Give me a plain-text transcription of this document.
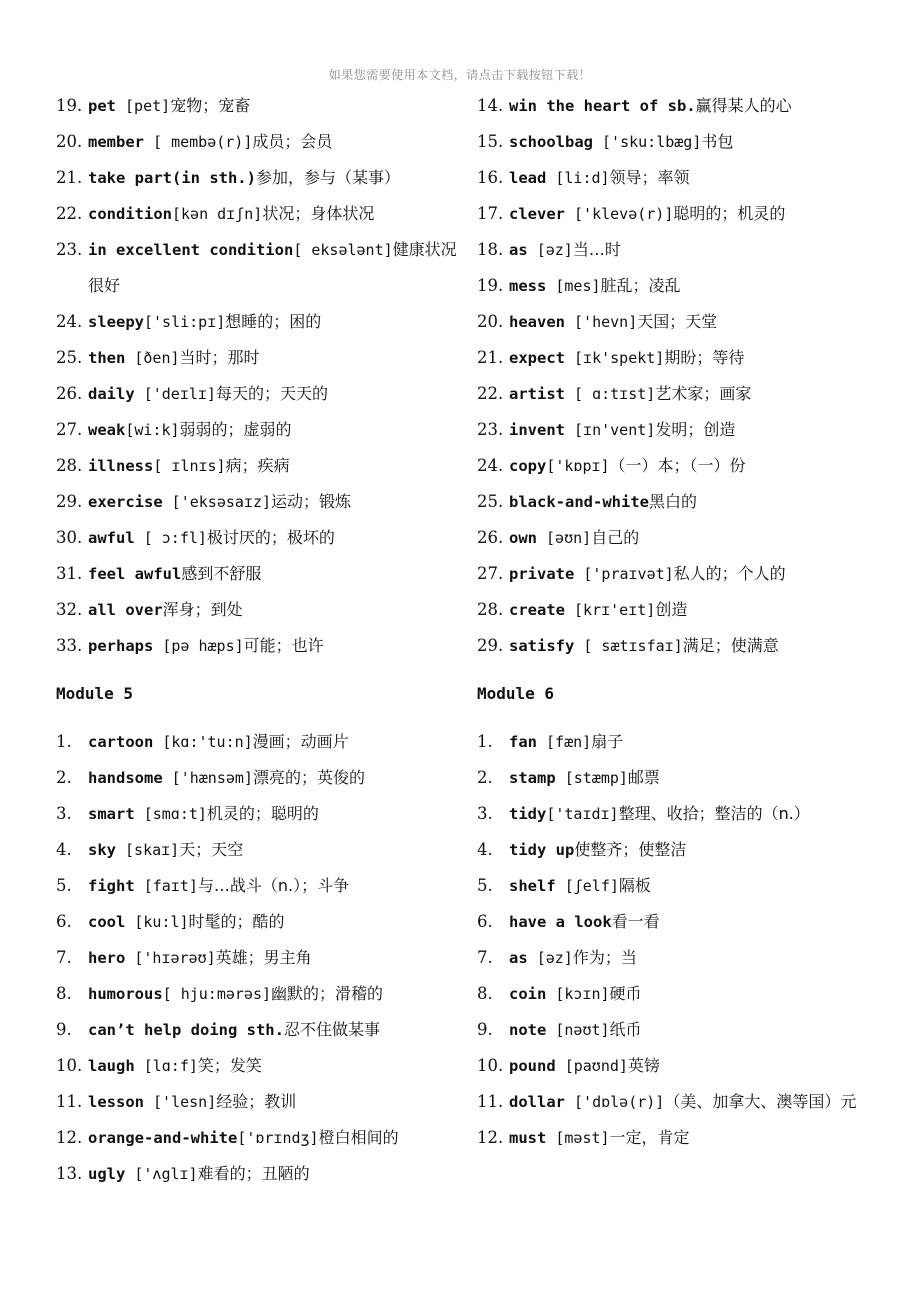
如果您需要使用本文档，请点击下载按钮下载！
19. pet [pet]宠物；宠畜
20. member [ membə(r)]成员；会员
21. take part(in sth.)参加，参与（某事）
22. condition[kən dɪʃn]状况；身体状况
23. in excellent condition[ eksələnt]健康状况很好
24. sleepy['sli:pɪ]想睡的；困的
25. then [ðen]当时；那时
26. daily ['deɪlɪ]每天的；天天的
27. weak[wi:k]弱弱的；虚弱的
28. illness[ ɪlnɪs]病；疾病
29. exercise ['eksəsaɪz]运动；锻炼
30. awful [ ɔ:fl]极讨厌的；极坏的
31. feel awful感到不舒服
32. all over浑身；到处
33. perhaps [pə hæps]可能；也许
14. win the heart of sb.赢得某人的心
15. schoolbag ['sku:lbæg]书包
16. lead [li:d]领导；率领
17. clever ['klevə(r)]聪明的；机灵的
18. as [əz]当…时
19. mess [mes]脏乱；凌乱
20. heaven ['hevn]天国；天堂
21. expect [ɪk'spekt]期盼；等待
22. artist [ ɑ:tɪst]艺术家；画家
23. invent [ɪn'vent]发明；创造
24. copy['kɒpɪ]（一）本；（一）份
25. black-and-white黑白的
26. own [əʊn]自己的
27. private ['praɪvət]私人的；个人的
28. create [krɪ'eɪt]创造
29. satisfy [ sætɪsfaɪ]满足；使满意
Module 5
1.	cartoon [kɑ:'tu:n]漫画；动画片
2.	handsome ['hænsəm]漂亮的；英俊的
3.	smart [smɑ:t]机灵的；聪明的
4.	sky [skaɪ]天；天空
5.	fight [faɪt]与…战斗（n.）；斗争
6.	cool [ku:l]时髦的；酷的
7.	hero ['hɪərəʊ]英雄；男主角
8.	humorous[ hju:mərəs]幽默的；滑稽的
9.	can’t help doing sth.忍不住做某事
10. laugh [lɑ:f]笑；发笑
11. lesson ['lesn]经验；教训
12. orange-and-white['ɒrɪndʒ]橙白相间的
13. ugly ['ʌglɪ]难看的；丑陋的
Module 6
1.	fan [fæn]扇子
2.	stamp [stæmp]邮票
3.	tidy['taɪdɪ]整理、收拾；整洁的（n.）
4.	tidy up使整齐；使整洁
5.	shelf [ʃelf]隔板
6.	have a look看一看
7.	as [əz]作为；当
8.	coin [kɔɪn]硬币
9.	note [nəʊt]纸币
10. pound [paʊnd]英镑
11. dollar ['dɒlə(r)]（美、加拿大、澳等国）元
12. must [məst]一定，肯定
